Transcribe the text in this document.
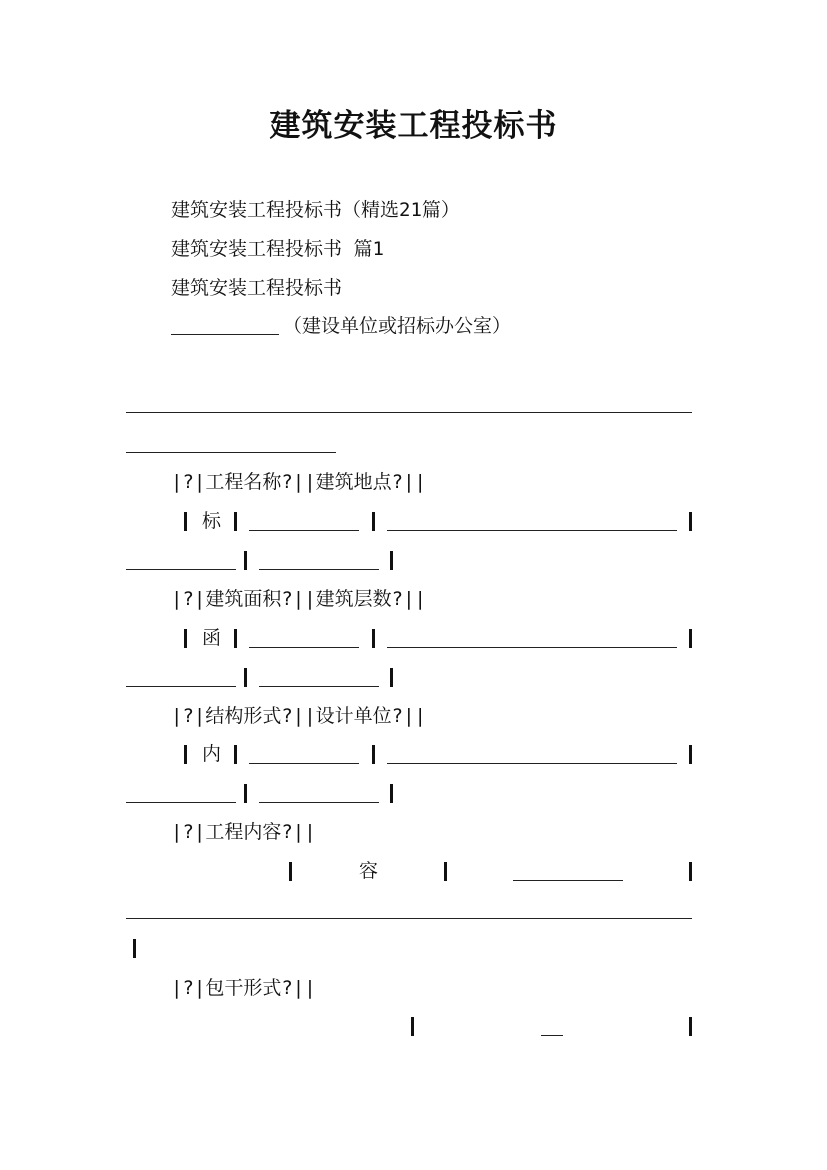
建筑安装工程投标书
建筑安装工程投标书（精选21篇）
建筑安装工程投标书 篇1
建筑安装工程投标书
（建设单位或招标办公室）
|?|工程名称?||建筑地点?||
标
|?|建筑面积?||建筑层数?||
函
|?|结构形式?||设计单位?||
内
|?|工程内容?||
容
|?|包干形式?||
